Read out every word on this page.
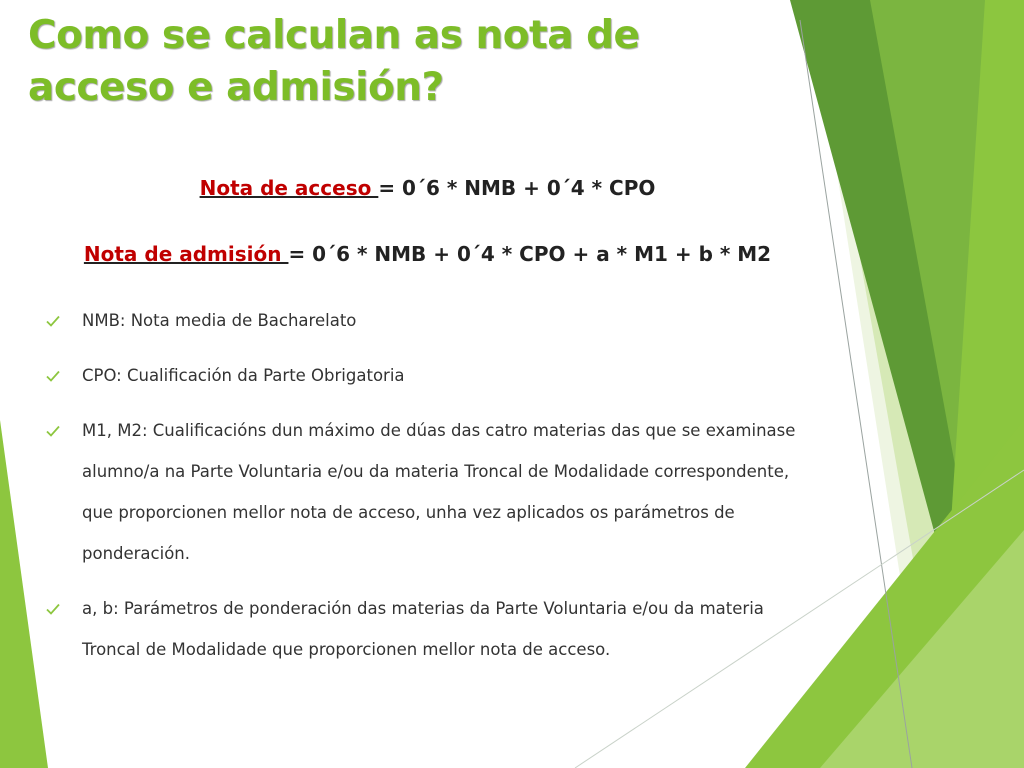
Como se calculan as nota de acceso e admisión?

Nota de acceso = 0´6 * NMB + 0´4 * CPO

Nota de admisión = 0´6 * NMB + 0´4 * CPO + a * M1 + b * M2

NMB: Nota media de Bacharelato
CPO: Cualificación da Parte Obrigatoria
M1, M2: Cualificacións dun máximo de dúas das catro materias das que se examinase alumno/a na Parte Voluntaria e/ou da materia Troncal de Modalidade correspondente, que proporcionen mellor nota de acceso, unha vez aplicados os parámetros de ponderación.
a, b: Parámetros de ponderación das materias da Parte Voluntaria e/ou da materia Troncal de Modalidade que proporcionen mellor nota de acceso.
